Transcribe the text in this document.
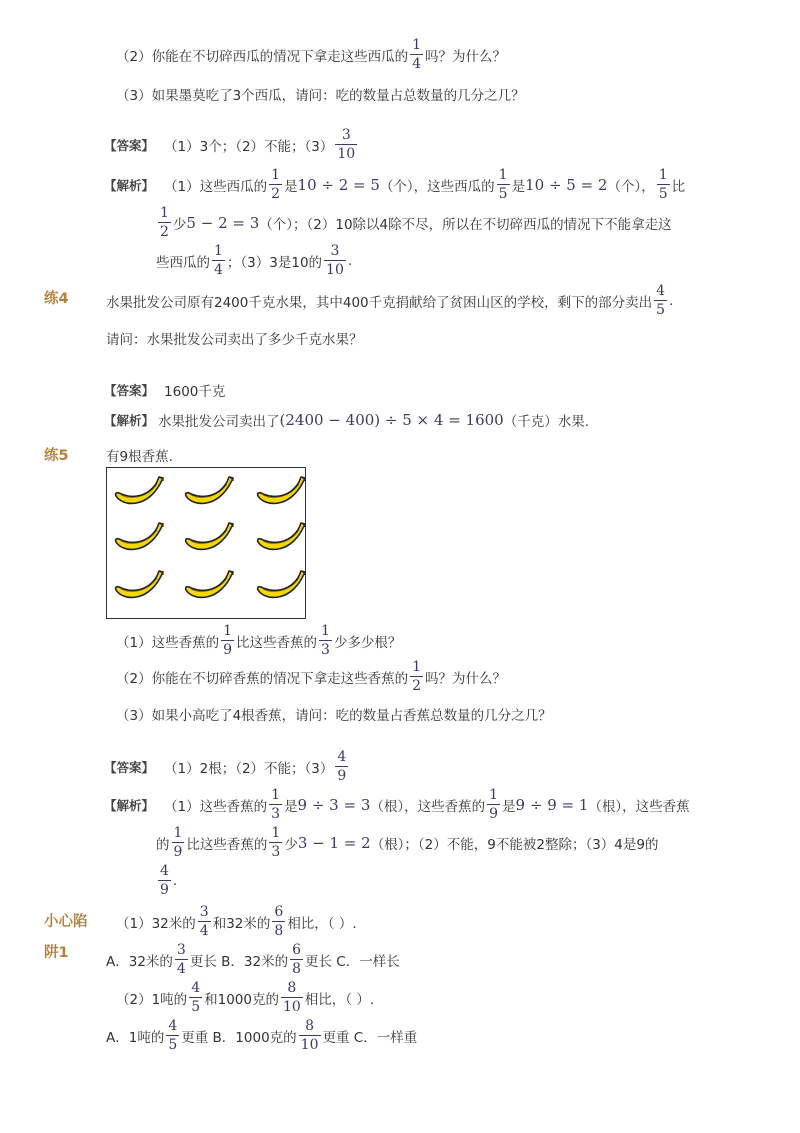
（2）你能在不切碎西瓜的情况下拿走这些西瓜的 $\frac{1}{4}$ 吗？为什么？
（3）如果墨莫吃了3个西瓜，请问：吃的数量占总数量的几分之几？
【答案】 （1）3个；（2）不能；$(3) \frac{3}{10}$
【解析】 （1）这些西瓜的 $\frac{1}{2}$ 是 10 ÷ 2 = 5 （个），这些西瓜的 $\frac{1}{5}$ 是 10 ÷ 5 = 2 （个）， $\frac{1}{5}$ 比
$\frac{1}{2}$ 少 5 − 2 = 3 （个）；（2）10除以4除不尽，所以在不切碎西瓜的情况下不能拿走这
些西瓜的 $\frac{1}{4}$ ；（3）3是10的 $\frac{3}{10}$ .
练4	水果批发公司原有2400千克水果，其中400千克捐献给了贫困山区的学校，剩下的部分卖出 $\frac{4}{5}$ .
请问：水果批发公司卖出了多少千克水果？
【答案】 1600千克
【解析】 水果批发公司卖出了 (2400 − 400) ÷ 5 × 4 = 1600 （千克）水果.
练5	有9根香蕉.
（1）这些香蕉的 $\frac{1}{9}$ 比这些香蕉的 $\frac{1}{3}$ 少多少根？
（2）你能在不切碎香蕉的情况下拿走这些香蕉的 $\frac{1}{2}$ 吗？为什么？
（3）如果小高吃了4根香蕉，请问：吃的数量占香蕉总数量的几分之几？
【答案】 （1）2根；（2）不能；$(3) \frac{4}{9}$
【解析】 （1）这些香蕉的 $\frac{1}{3}$ 是 9 ÷ 3 = 3 （根），这些香蕉的 $\frac{1}{9}$ 是 9 ÷ 9 = 1 （根），这些香蕉
的 $\frac{1}{9}$ 比这些香蕉的 $\frac{1}{3}$ 少 3 − 1 = 2 （根）；（2）不能，9不能被2整除；（3）4是9的
$\frac{4}{9}$ .
小心陷
阱1
（1）32米的 $\frac{3}{4}$ 和32米的 $\frac{6}{8}$ 相比，（ ）.
A．32米的 $\frac{3}{4}$ 更长 B．32米的 $\frac{6}{8}$ 更长 C．一样长
（2）1吨的 $\frac{4}{5}$ 和1000克的 $\frac{8}{10}$ 相比，（ ）.
A．1吨的 $\frac{4}{5}$ 更重 B．1000克的 $\frac{8}{10}$ 更重 C．一样重
